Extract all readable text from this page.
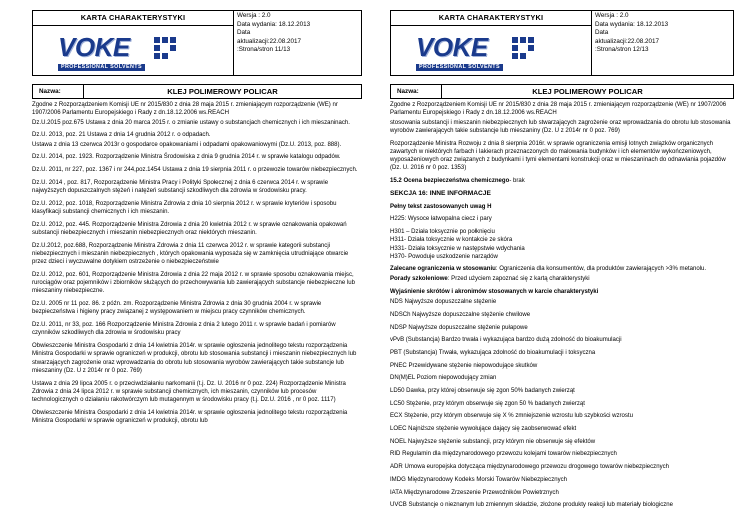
KARTA CHARAKTERYSTYKI
VOKE
PROFESSIONAL SOLVENTS
Wersja : 2.0
Data wydania: 18.12.2013
Data
aktualizacji:22.08.2017
:Strona/stron 11/13
Nazwa:	KLEJ POLIMEROWY POLICAR

Zgodne z Rozporządzeniem Komisji UE nr 2015/830 z dnia 28 maja 2015 r. zmieniającym rozporządzenie (WE) nr 1907/2006 Parlamentu Europejskiego i Rady z dn.18.12.2006 ws.REACH

Dz.U.2015 poz.675 Ustawa z dnia 20 marca 2015 r. o zmianie ustawy o substancjach chemicznych i ich mieszaninach.

Dz.U. 2013, poz. 21 Ustawa z dnia 14 grudnia 2012 r. o odpadach.

Ustawa z dnia 13 czerwca 2013r o gospodarce opakowaniami i odpadami opakowaniowymi (Dz.U. 2013, poz. 888).

Dz.U. 2014, poz. 1923. Rozporządzenie Ministra Środowiska z dnia 9 grudnia 2014 r. w sprawie katalogu odpadów.

Dz.U. 2011, nr 227, poz. 1367 i nr 244,poz.1454 Ustawa z dnia 19 sierpnia 2011 r. o przewozie towarów niebezpiecznych.

Dz.U. 2014 , poz. 817, Rozporządzenie Ministra Pracy i Polityki Społecznej z dnia 6 czerwca 2014 r. w sprawie najwyższych dopuszczalnych stężeń i natężeń substancji szkodliwych dla zdrowia w środowisku pracy.

Dz.U. 2012, poz. 1018, Rozporządzenie Ministra Zdrowia z dnia 10 sierpnia 2012 r. w sprawie kryteriów i sposobu klasyfikacji substancji chemicznych i ich mieszanin.

Dz.U. 2012, poz. 445. Rozporządzenie Ministra Zdrowia z dnia 20 kwietnia 2012 r. w sprawie oznakowania opakowań substancji niebezpiecznych i mieszanin niebezpiecznych oraz niektórych mieszanin.

Dz.U.2012, poz.688, Rozporządzenie Ministra Zdrowia z dnia 11 czerwca 2012 r. w sprawie kategorii substancji niebezpiecznych i mieszanin niebezpiecznych , których opakowania wyposaża się w zamknięcia utrudniające otwarcie przez dzieci i wyczuwalne dotykiem ostrzeżenie o niebezpieczeństwie

Dz.U. 2012, poz. 601, Rozporządzenie Ministra Zdrowia z dnia 22 maja 2012 r. w sprawie sposobu oznakowania miejsc, rurociągów oraz pojemników i zbiorników służących do przechowywania lub zawierających substancje niebezpieczne lub mieszaniny niebezpieczne.

Dz.U. 2005 nr 11 poz. 86. z późn. zm. Rozporządzenie Ministra Zdrowia z dnia 30 grudnia 2004 r. w sprawie bezpieczeństwa i higieny pracy związanej z występowaniem w miejscu pracy czynników chemicznych.

Dz.U. 2011, nr 33, poz. 166 Rozporządzenie Ministra Zdrowia z dnia 2 lutego 2011 r. w sprawie badań i pomiarów czynników szkodliwych dla zdrowia w środowisku pracy

Obwieszczenie Ministra Gospodarki z dnia 14 kwietnia 2014r. w sprawie ogłoszenia jednolitego tekstu rozporządzenia Ministra Gospodarki w sprawie ograniczeń w produkcji, obrotu lub stosowania substancji i mieszanin niebezpiecznych lub stwarzających zagrożenie oraz wprowadzania do obrotu lub stosowania wyrobów zawierających takie substancje lub mieszaniny (Dz. U z 2014r nr 0 poz. 769)

Ustawa z dnia 29 lipca 2005 r. o przeciwdziałaniu narkomanii (t.j. Dz. U. 2016 nr 0 poz. 224) Rozporządzenie Ministra Zdrowia z dnia 24 lipca 2012 r. w sprawie substancji chemicznych, ich mieszanin, czynników lub procesów technologicznych o działaniu rakotwórczym lub mutagennym w środowisku pracy (t.j. Dz.U. 2016 , nr 0 poz. 1117)

Obwieszczenie Ministra Gospodarki z dnia 14 kwietnia 2014r. w sprawie ogłoszenia jednolitego tekstu rozporządzenia Ministra Gospodarki w sprawie ograniczeń w produkcji, obrotu lub

KARTA CHARAKTERYSTYKI
VOKE
PROFESSIONAL SOLVENTS
Wersja : 2.0
Data wydania: 18.12.2013
Data
aktualizacji:22.08.2017
:Strona/stron 12/13
Nazwa:	KLEJ POLIMEROWY POLICAR

Zgodne z Rozporządzeniem Komisji UE nr 2015/830 z dnia 28 maja 2015 r. zmieniającym rozporządzenie (WE) nr 1907/2006 Parlamentu Europejskiego i Rady z dn.18.12.2006 ws.REACH

stosowania substancji i mieszanin niebezpiecznych lub stwarzających zagrożenie oraz wprowadzania do obrotu lub stosowania wyrobów zawierających takie substancje lub mieszaniny (Dz. U z 2014r nr 0 poz. 769)

Rozporządzenie Ministra Rozwoju z dnia 8 sierpnia 2016r. w sprawie ograniczenia emisji lotnych związków organicznych zawartych w niektórych farbach i lakierach przeznaczonych do malowania budynków i ich elementów wykończeniowych, wyposażeniowych oraz związanych z budynkami i tymi elementami konstrukcji oraz w mieszaninach do odnawiania pojazdów (Dz. U. 2016 nr 0 poz. 1353)

15.2 Ocena bezpieczeństwa chemicznego- brak

SEKCJA 16: INNE INFORMACJE

Pełny tekst zastosowanych uwag H

H225: Wysoce łatwopalna ciecz i pary

H301 – Działa toksycznie po połknięciu

H311- Działa toksycznie w kontakcie ze skóra

H331- Działa toksycznie w następstwie wdychania

H370- Powoduje uszkodzenie narządów

Zalecane ograniczenia w stosowaniu: Ograniczenia dla konsumentów, dla produktów zawierających >3% metanolu.

Porady szkoleniowe: Przed użyciem zapoznać się z kartą charakterystyki

Wyjaśnienie skrótów i akronimów stosowanych w karcie charakterystyki

NDS Najwyższe dopuszczalne stężenie

NDSCh Najwyższe dopuszczalne stężenie chwilowe

NDSP Najwyższe dopuszczalne stężenie pułapowe

vPvB (Substancja) Bardzo trwała i wykazująca bardzo dużą zdolność do bioakumulacji

PBT (Substancja) Trwała, wykazująca zdolność do bioakumulacji i toksyczna

PNEC Przewidywane stężenie niepowodujące skutków

DN(M)EL Poziom niepowodujący zmian

LD50 Dawka, przy której obserwuje się zgon 50% badanych zwierząt

LC50 Stężenie, przy którym obserwuje się zgon 50 % badanych zwierząt

ECX Stężenie, przy którym obserwuje się X % zmniejszenie wzrostu lub szybkości wzrostu

LOEC Najniższe stężenie wywołujące dający się zaobserwować efekt

NOEL Najwyższe stężenie substancji, przy którym nie obserwuje się efektów

RID Regulamin dla międzynarodowego przewozu kolejami towarów niebezpiecznych

ADR Umowa europejska dotycząca międzynarodowego przewozu drogowego towarów niebezpiecznych

IMDG Międzynarodowy Kodeks Morski Towarów Niebezpiecznych

IATA Międzynarodowe Zrzeszenie Przewoźników Powietrznych

UVCB Substancje o nieznanym lub zmiennym składzie, złożone produkty reakcji lub materiały biologiczne
